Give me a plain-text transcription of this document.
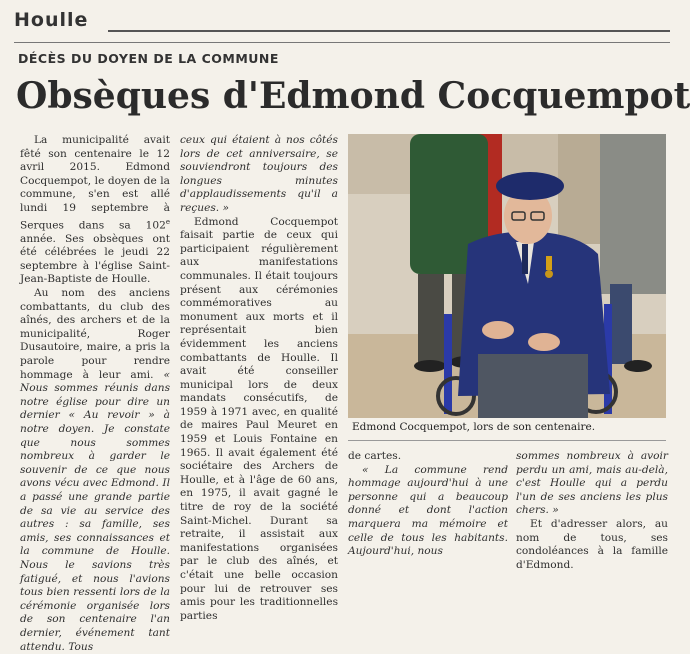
Houlle
DÉCÈS DU DOYEN DE LA COMMUNE
Obsèques d'Edmond Cocquempot

La municipalité avait fêté son centenaire le 12 avril 2015. Edmond Cocquempot, le doyen de la commune, s'en est allé lundi 19 septembre à Serques dans sa 102e année. Ses obsèques ont été célébrées le jeudi 22 septembre à l'église Saint-Jean-Baptiste de Houlle.

Au nom des anciens combattants, du club des aînés, des archers et de la municipalité, Roger Dusautoire, maire, a pris la parole pour rendre hommage à leur ami. « Nous sommes réunis dans notre église pour dire un dernier « Au revoir » à notre doyen. Je constate que nous sommes nombreux à garder le souvenir de ce que nous avons vécu avec Edmond. Il a passé une grande partie de sa vie au service des autres : sa famille, ses amis, ses connaissances et la commune de Houlle. Nous le savions très fatigué, et nous l'avions tous bien ressenti lors de la cérémonie organisée lors de son centenaire l'an dernier, événement tant attendu. Tous

ceux qui étaient à nos côtés lors de cet anniversaire, se souviendront toujours des longues minutes d'applaudissements qu'il a reçues. »

Edmond Cocquempot faisait partie de ceux qui participaient régulièrement aux manifestations communales. Il était toujours présent aux cérémonies commémoratives au monument aux morts et il représentait bien évidemment les anciens combattants de Houlle. Il avait été conseiller municipal lors de deux mandats consécutifs, de 1959 à 1971 avec, en qualité de maires Paul Meuret en 1959 et Louis Fontaine en 1965. Il avait également été sociétaire des Archers de Houlle, et à l'âge de 60 ans, en 1975, il avait gagné le titre de roy de la société Saint-Michel. Durant sa retraite, il assistait aux manifestations organisées par le club des aînés, et c'était une belle occasion pour lui de retrouver ses amis pour les traditionnelles parties

Edmond Cocquempot, lors de son centenaire.

de cartes.

« La commune rend hommage aujourd'hui à une personne qui a beaucoup donné et dont l'action marquera ma mémoire et celle de tous les habitants. Aujourd'hui, nous

sommes nombreux à avoir perdu un ami, mais au-delà, c'est Houlle qui a perdu l'un de ses anciens les plus chers. »

Et d'adresser alors, au nom de tous, ses condoléances à la famille d'Edmond.
